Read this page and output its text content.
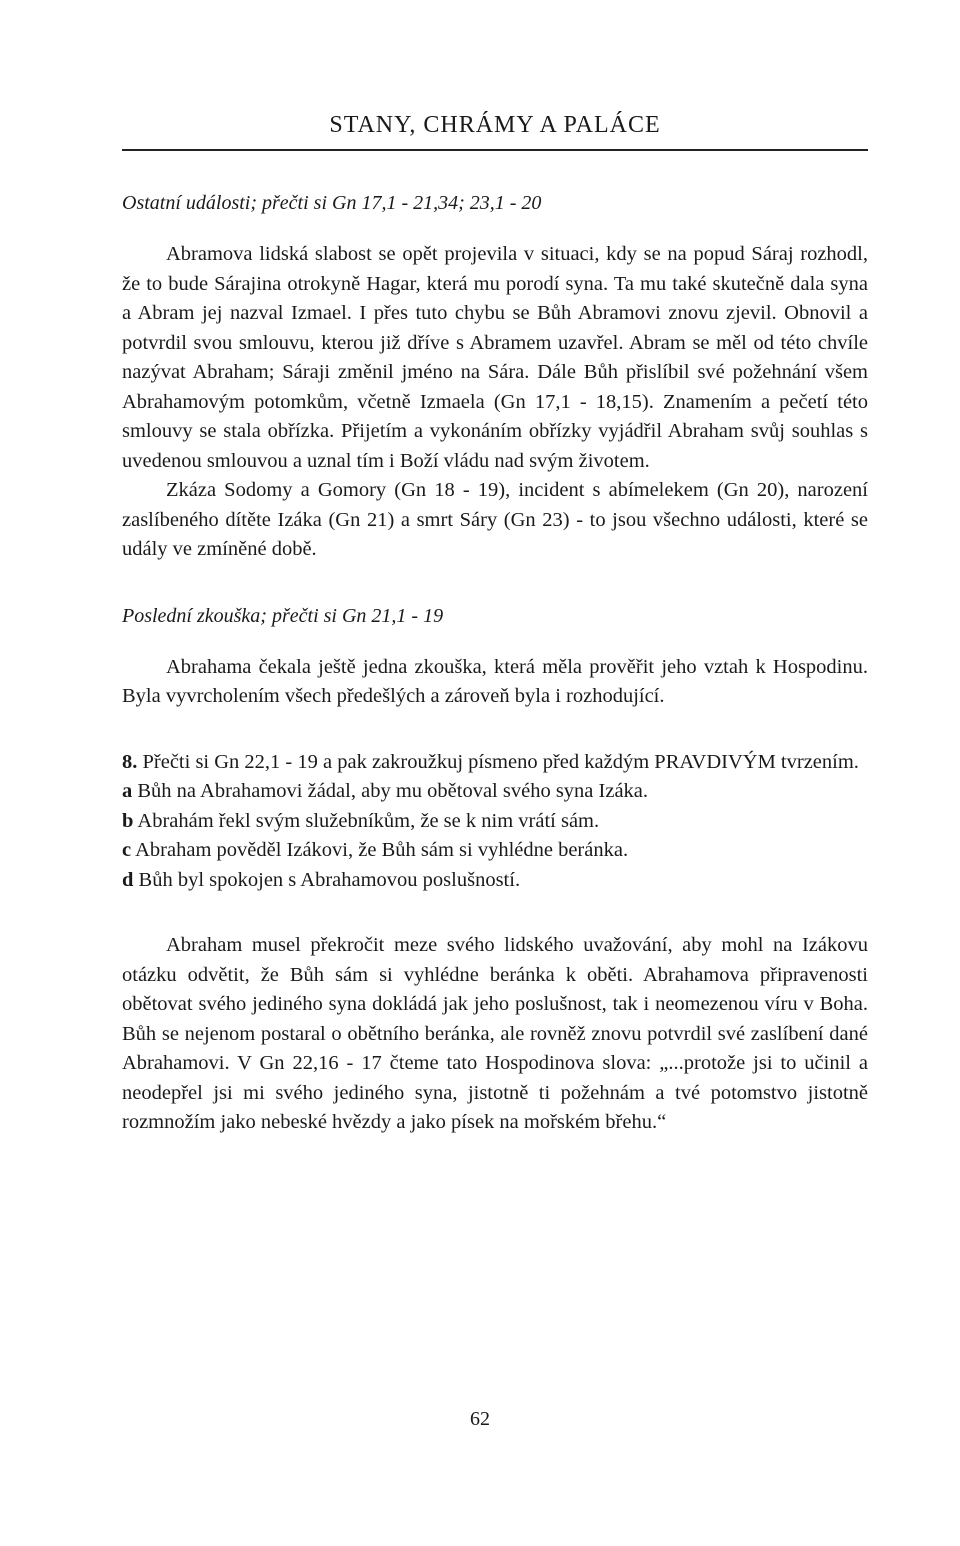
STANY, CHRÁMY A PALÁCE
Ostatní události; přečti si Gn 17,1 - 21,34; 23,1 - 20

Abramova lidská slabost se opět projevila v situaci, kdy se na popud Sáraj rozhodl, že to bude Sárajina otrokyně Hagar, která mu porodí syna. Ta mu také skutečně dala syna a Abram jej nazval Izmael. I přes tuto chybu se Bůh Abramovi znovu zjevil. Obnovil a potvrdil svou smlouvu, kterou již dříve s Abramem uzavřel. Abram se měl od této chvíle nazývat Abraham; Sáraji změnil jméno na Sára. Dále Bůh přislíbil své požehnání všem Abrahamovým potomkům, včetně Izmaela (Gn 17,1 - 18,15). Znamením a pečetí této smlouvy se stala obřízka. Přijetím a vykonáním obřízky vyjádřil Abraham svůj souhlas s uvedenou smlouvou a uznal tím i Boží vládu nad svým životem.

Zkáza Sodomy a Gomory (Gn 18 - 19), incident s abímelekem (Gn 20), narození zaslíbeného dítěte Izáka (Gn 21) a smrt Sáry (Gn 23) - to jsou všechno události, které se udály ve zmíněné době.

Poslední zkouška; přečti si Gn 21,1 - 19

Abrahama čekala ještě jedna zkouška, která měla prověřit jeho vztah k Hospodinu. Byla vyvrcholením všech předešlých a zároveň byla i rozhodující.

8. Přečti si Gn 22,1 - 19 a pak zakroužkuj písmeno před každým PRAVDIVÝM tvrzením.

a Bůh na Abrahamovi žádal, aby mu obětoval svého syna Izáka.

b Abrahám řekl svým služebníkům, že se k nim vrátí sám.

c Abraham pověděl Izákovi, že Bůh sám si vyhlédne beránka.

d Bůh byl spokojen s Abrahamovou poslušností.

Abraham musel překročit meze svého lidského uvažování, aby mohl na Izákovu otázku odvětit, že Bůh sám si vyhlédne beránka k oběti. Abrahamova připravenosti obětovat svého jediného syna dokládá jak jeho poslušnost, tak i neomezenou víru v Boha. Bůh se nejenom postaral o obětního beránka, ale rovněž znovu potvrdil své zaslíbení dané Abrahamovi. V Gn 22,16 - 17 čteme tato Hospodinova slova: „...protože jsi to učinil a neodepřel jsi mi svého jediného syna, jistotně ti požehnám a tvé potomstvo jistotně rozmnožím jako nebeské hvězdy a jako písek na mořském břehu.“

62
